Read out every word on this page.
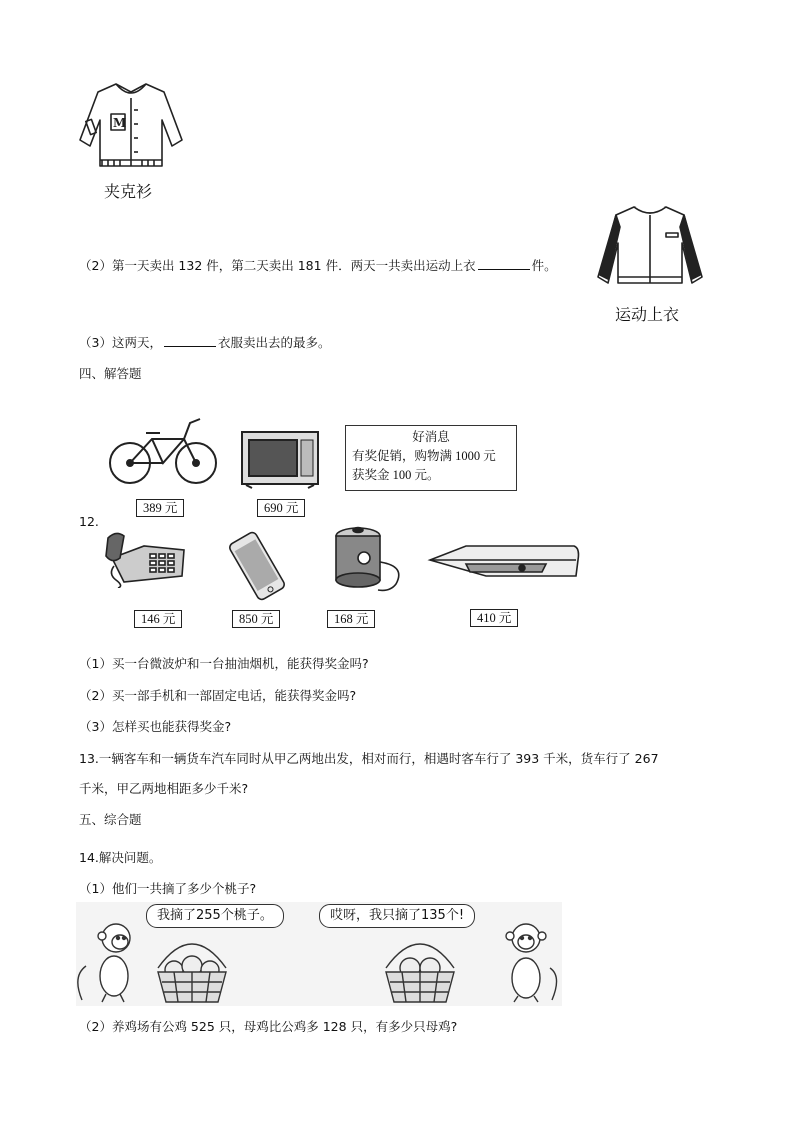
M
夹克衫
运动上衣
（2）第一天卖出 132 件，第二天卖出 181 件．两天一共卖出运动上衣	件。
（3）这两天，	衣服卖出去的最多。
四、解答题
389 元	690 元
好消息
有奖促销，购物满 1000 元
获奖金 100 元。
12.
146 元	850 元	168 元	410 元
（1）买一台微波炉和一台抽油烟机，能获得奖金吗?
（2）买一部手机和一部固定电话，能获得奖金吗?
（3）怎样买也能获得奖金?
13.一辆客车和一辆货车汽车同时从甲乙两地出发，相对而行，相遇时客车行了 393 千米，货车行了 267
千米，甲乙两地相距多少千米?
五、综合题
14.解决问题。
（1）他们一共摘了多少个桃子?
我摘了255个桃子。	哎呀，我只摘了135个!
（2）养鸡场有公鸡 525 只，母鸡比公鸡多 128 只，有多少只母鸡?
